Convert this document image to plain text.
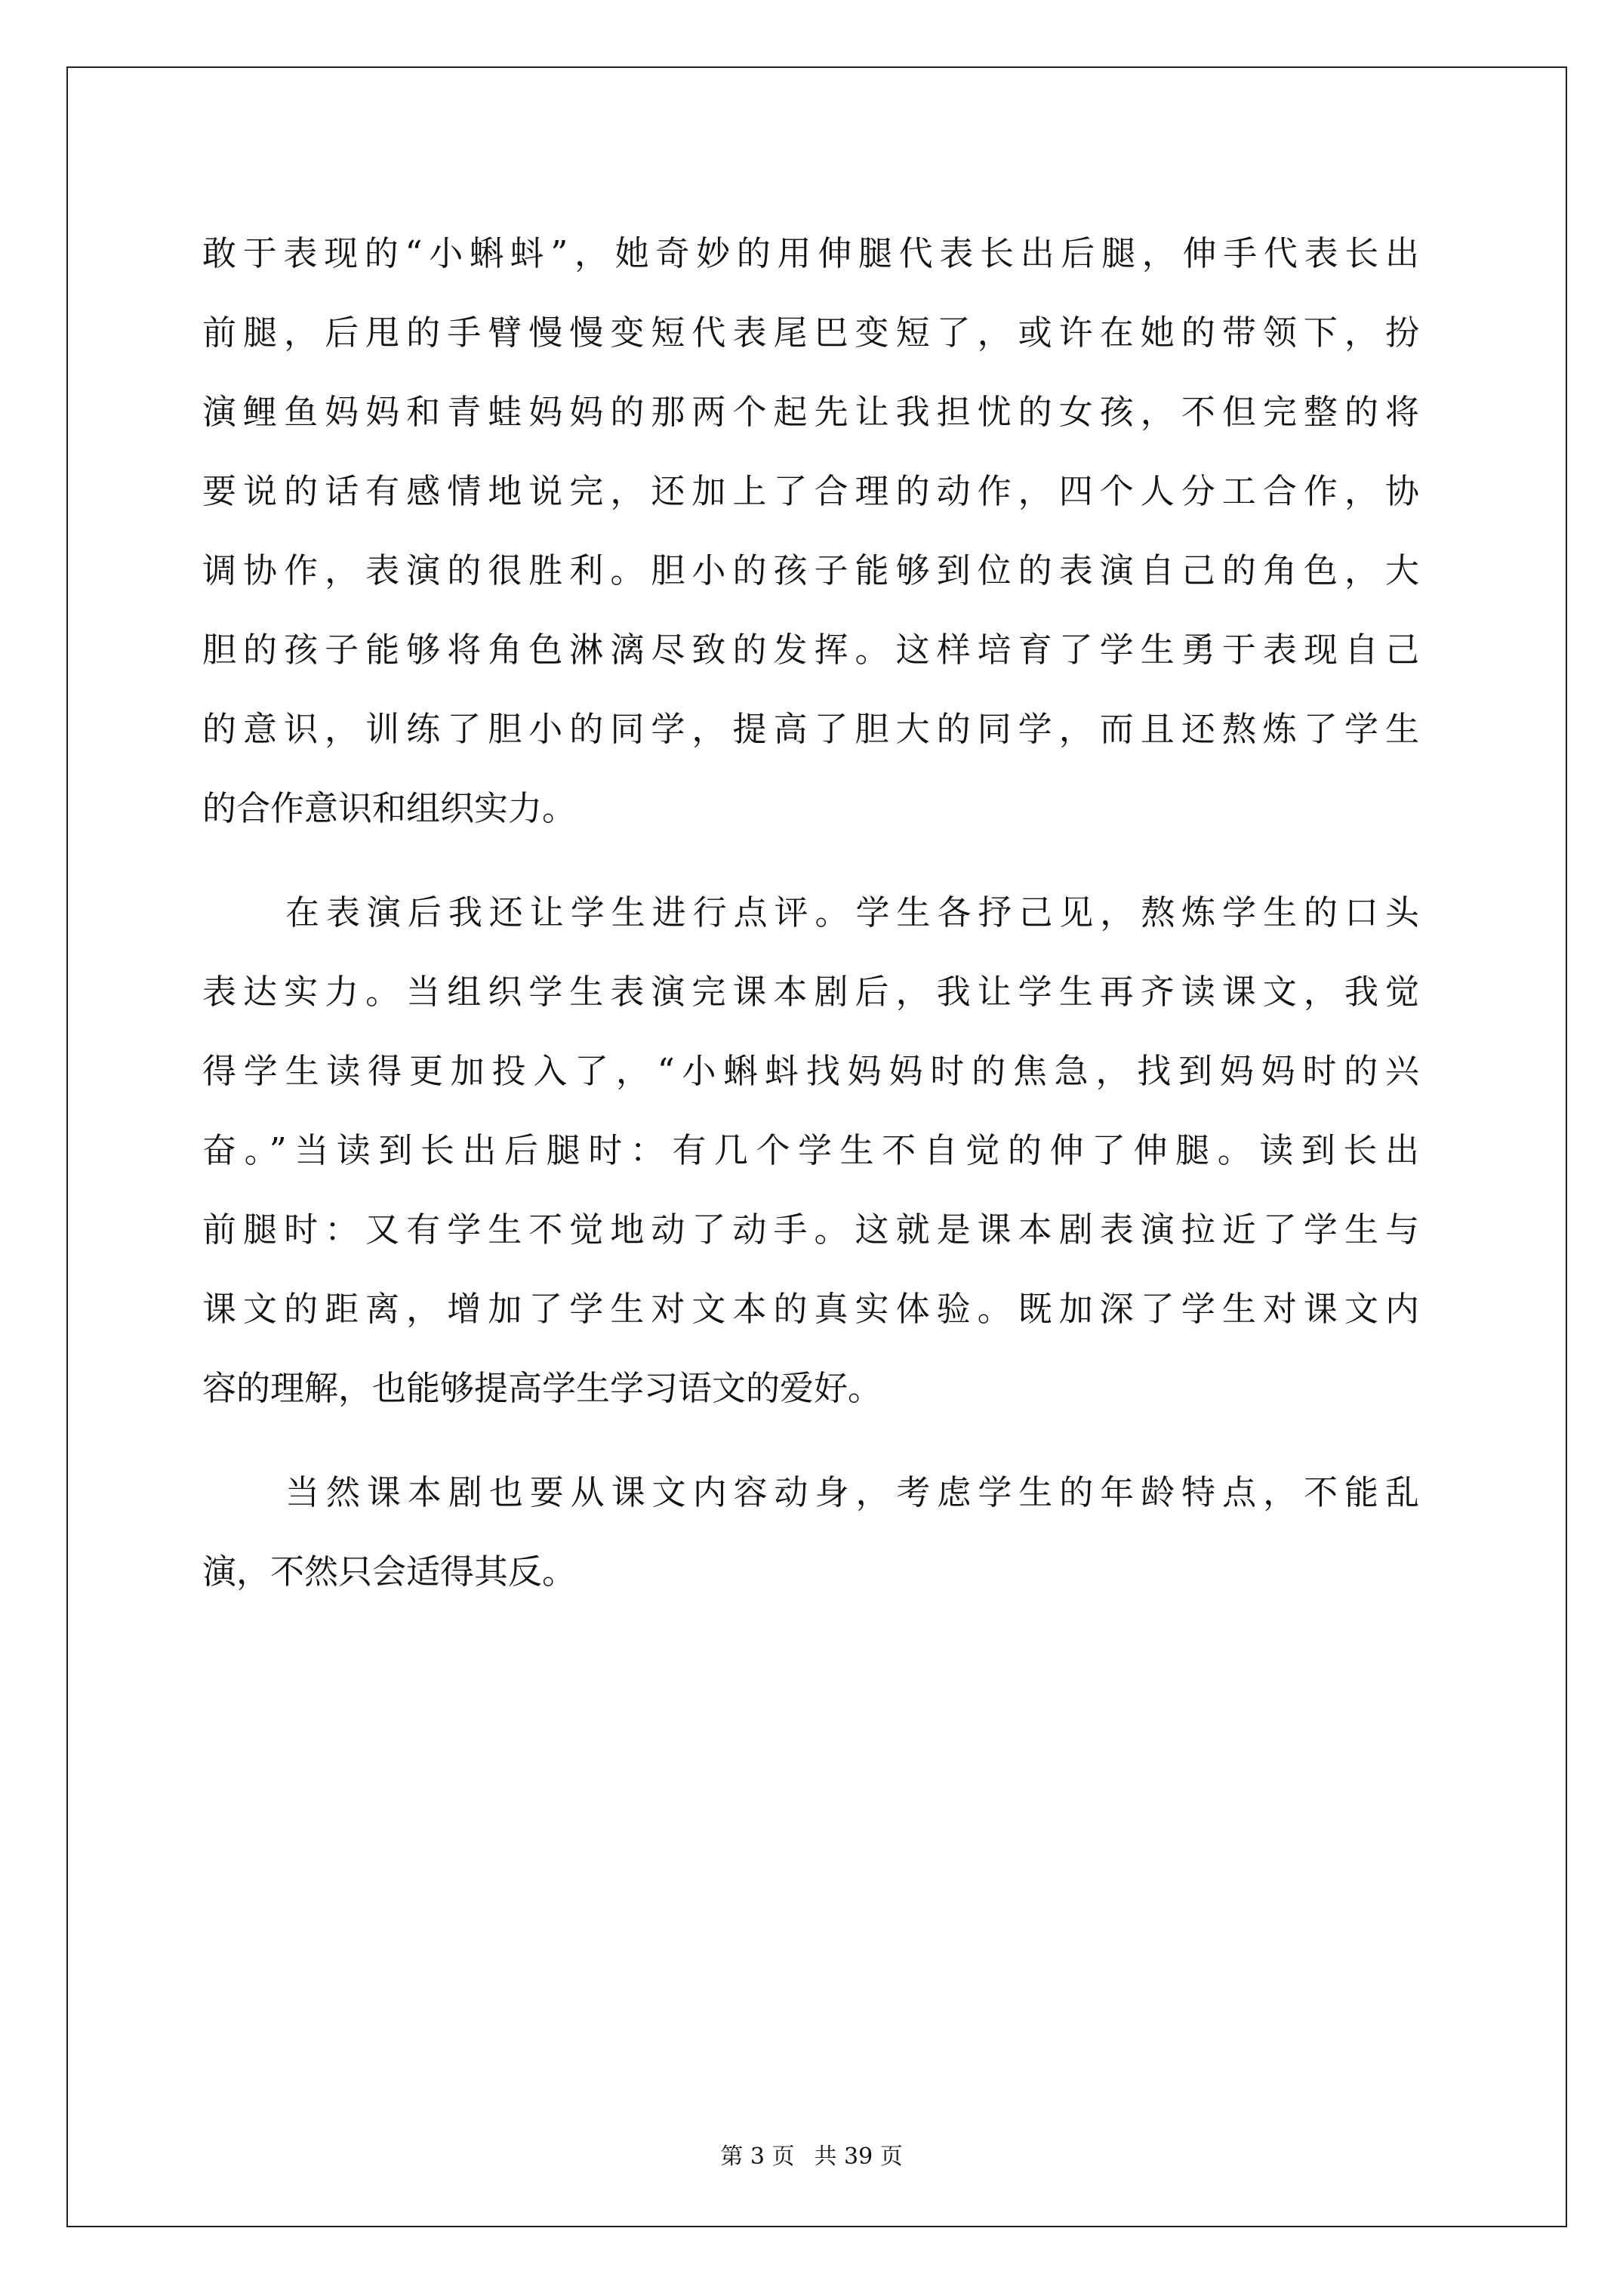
敢于表现的“小蝌蚪”，她奇妙的用伸腿代表长出后腿，伸手代表长出
前腿，后甩的手臂慢慢变短代表尾巴变短了，或许在她的带领下，扮
演鲤鱼妈妈和青蛙妈妈的那两个起先让我担忧的女孩，不但完整的将
要说的话有感情地说完，还加上了合理的动作，四个人分工合作，协
调协作，表演的很胜利。胆小的孩子能够到位的表演自己的角色，大
胆的孩子能够将角色淋漓尽致的发挥。这样培育了学生勇于表现自己
的意识，训练了胆小的同学，提高了胆大的同学，而且还熬炼了学生
的合作意识和组织实力。
在表演后我还让学生进行点评。学生各抒己见，熬炼学生的口头
表达实力。当组织学生表演完课本剧后，我让学生再齐读课文，我觉
得学生读得更加投入了，“小蝌蚪找妈妈时的焦急，找到妈妈时的兴
奋。”当读到长出后腿时：有几个学生不自觉的伸了伸腿。读到长出
前腿时：又有学生不觉地动了动手。这就是课本剧表演拉近了学生与
课文的距离，增加了学生对文本的真实体验。既加深了学生对课文内
容的理解，也能够提高学生学习语文的爱好。
当然课本剧也要从课文内容动身，考虑学生的年龄特点，不能乱
演，不然只会适得其反。
第 3 页 共 39 页
